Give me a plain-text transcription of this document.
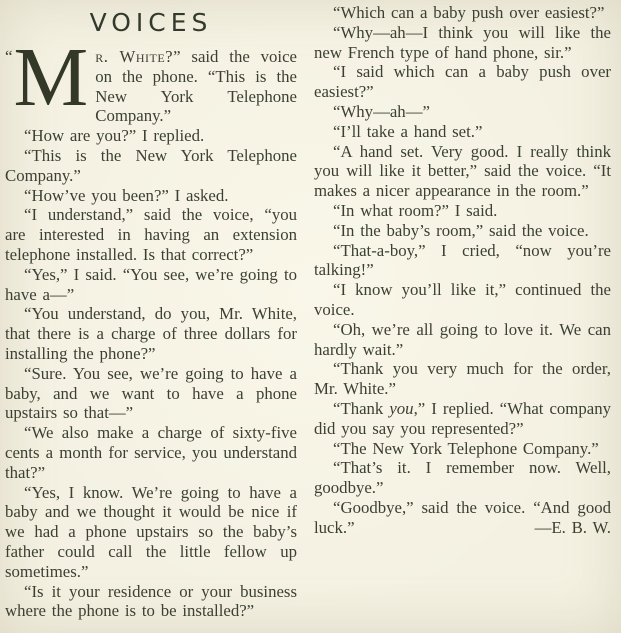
VOICES

“ M r. White?” said the voice on the phone. “This is the New York Telephone Company.”

“How are you?” I replied.

“This is the New York Telephone Company.”

“How’ve you been?” I asked.

“I understand,” said the voice, “you are interested in having an extension telephone installed. Is that correct?”

“Yes,” I said. “You see, we’re going to have a—”

“You understand, do you, Mr. White, that there is a charge of three dollars for installing the phone?”

“Sure. You see, we’re going to have a baby, and we want to have a phone upstairs so that—”

“We also make a charge of sixty-five cents a month for service, you understand that?”

“Yes, I know. We’re going to have a baby and we thought it would be nice if we had a phone upstairs so the baby’s father could call the little fellow up sometimes.”

“Is it your residence or your business where the phone is to be installed?”

“Which can a baby push over easiest?”

“Why—ah—I think you will like the new French type of hand phone, sir.”

“I said which can a baby push over easiest?”

“Why—ah—”

“I’ll take a hand set.”

“A hand set. Very good. I really think you will like it better,” said the voice. “It makes a nicer appearance in the room.”

“In what room?” I said.

“In the baby’s room,” said the voice.

“That-a-boy,” I cried, “now you’re talking!”

“I know you’ll like it,” continued the voice.

“Oh, we’re all going to love it. We can hardly wait.”

“Thank you very much for the order, Mr. White.”

“Thank you,” I replied. “What company did you say you represented?”

“The New York Telephone Company.”

“That’s it. I remember now. Well, goodbye.”

“Goodbye,” said the voice. “And good luck.”	—E. B. W.
